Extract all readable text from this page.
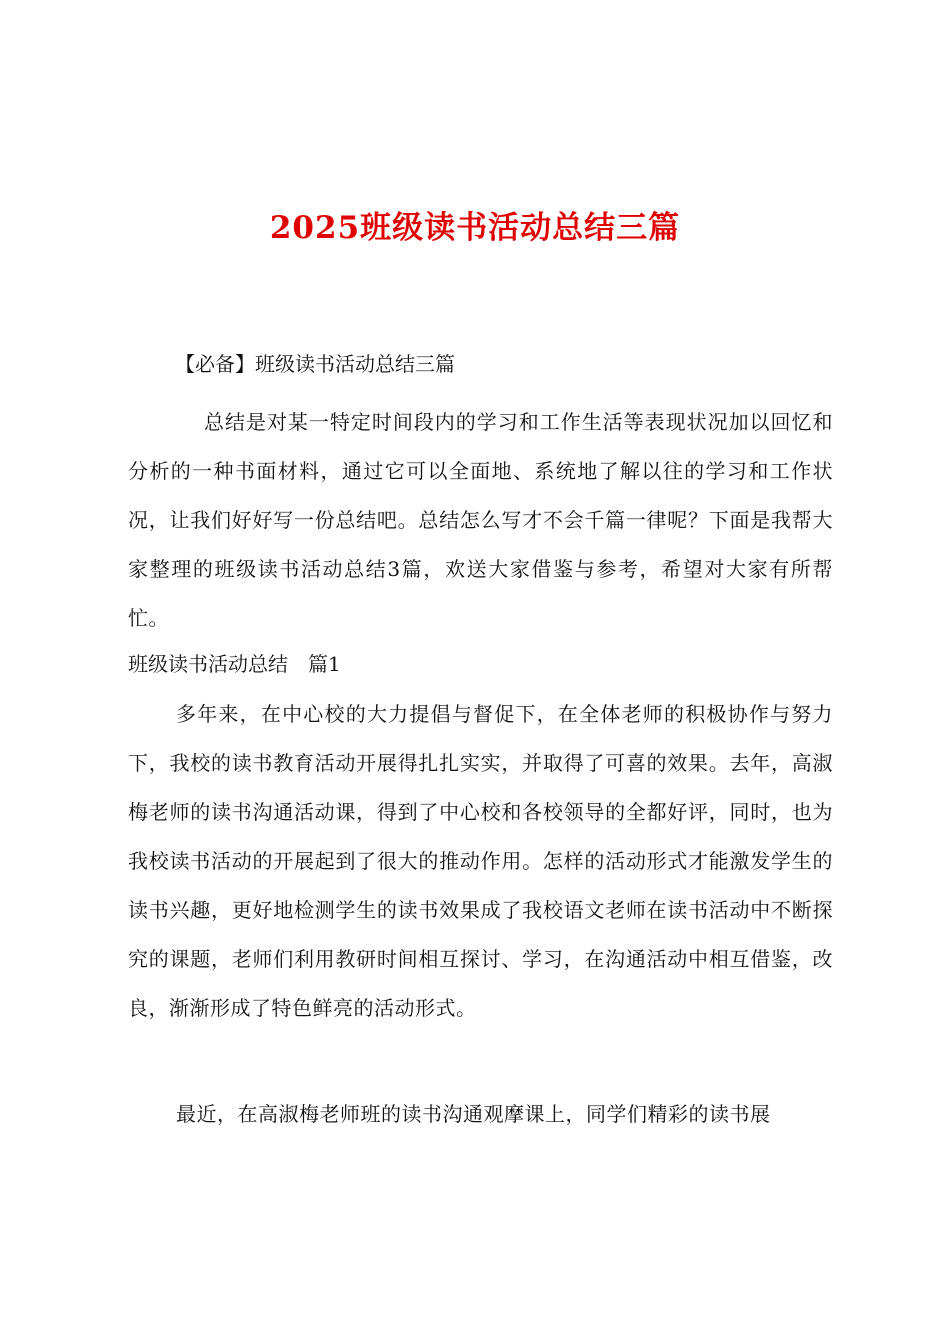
2025班级读书活动总结三篇

【必备】班级读书活动总结三篇

总结是对某一特定时间段内的学习和工作生活等表现状况加以回忆和分析的一种书面材料，通过它可以全面地、系统地了解以往的学习和工作状况，让我们好好写一份总结吧。总结怎么写才不会千篇一律呢？下面是我帮大家整理的班级读书活动总结3篇，欢送大家借鉴与参考，希望对大家有所帮忙。

班级读书活动总结　篇1

多年来，在中心校的大力提倡与督促下，在全体老师的积极协作与努力下，我校的读书教育活动开展得扎扎实实，并取得了可喜的效果。去年，高淑梅老师的读书沟通活动课，得到了中心校和各校领导的全都好评，同时，也为我校读书活动的开展起到了很大的推动作用。怎样的活动形式才能激发学生的读书兴趣，更好地检测学生的读书效果成了我校语文老师在读书活动中不断探究的课题，老师们利用教研时间相互探讨、学习，在沟通活动中相互借鉴，改良，渐渐形成了特色鲜亮的活动形式。

最近，在高淑梅老师班的读书沟通观摩课上，同学们精彩的读书展
